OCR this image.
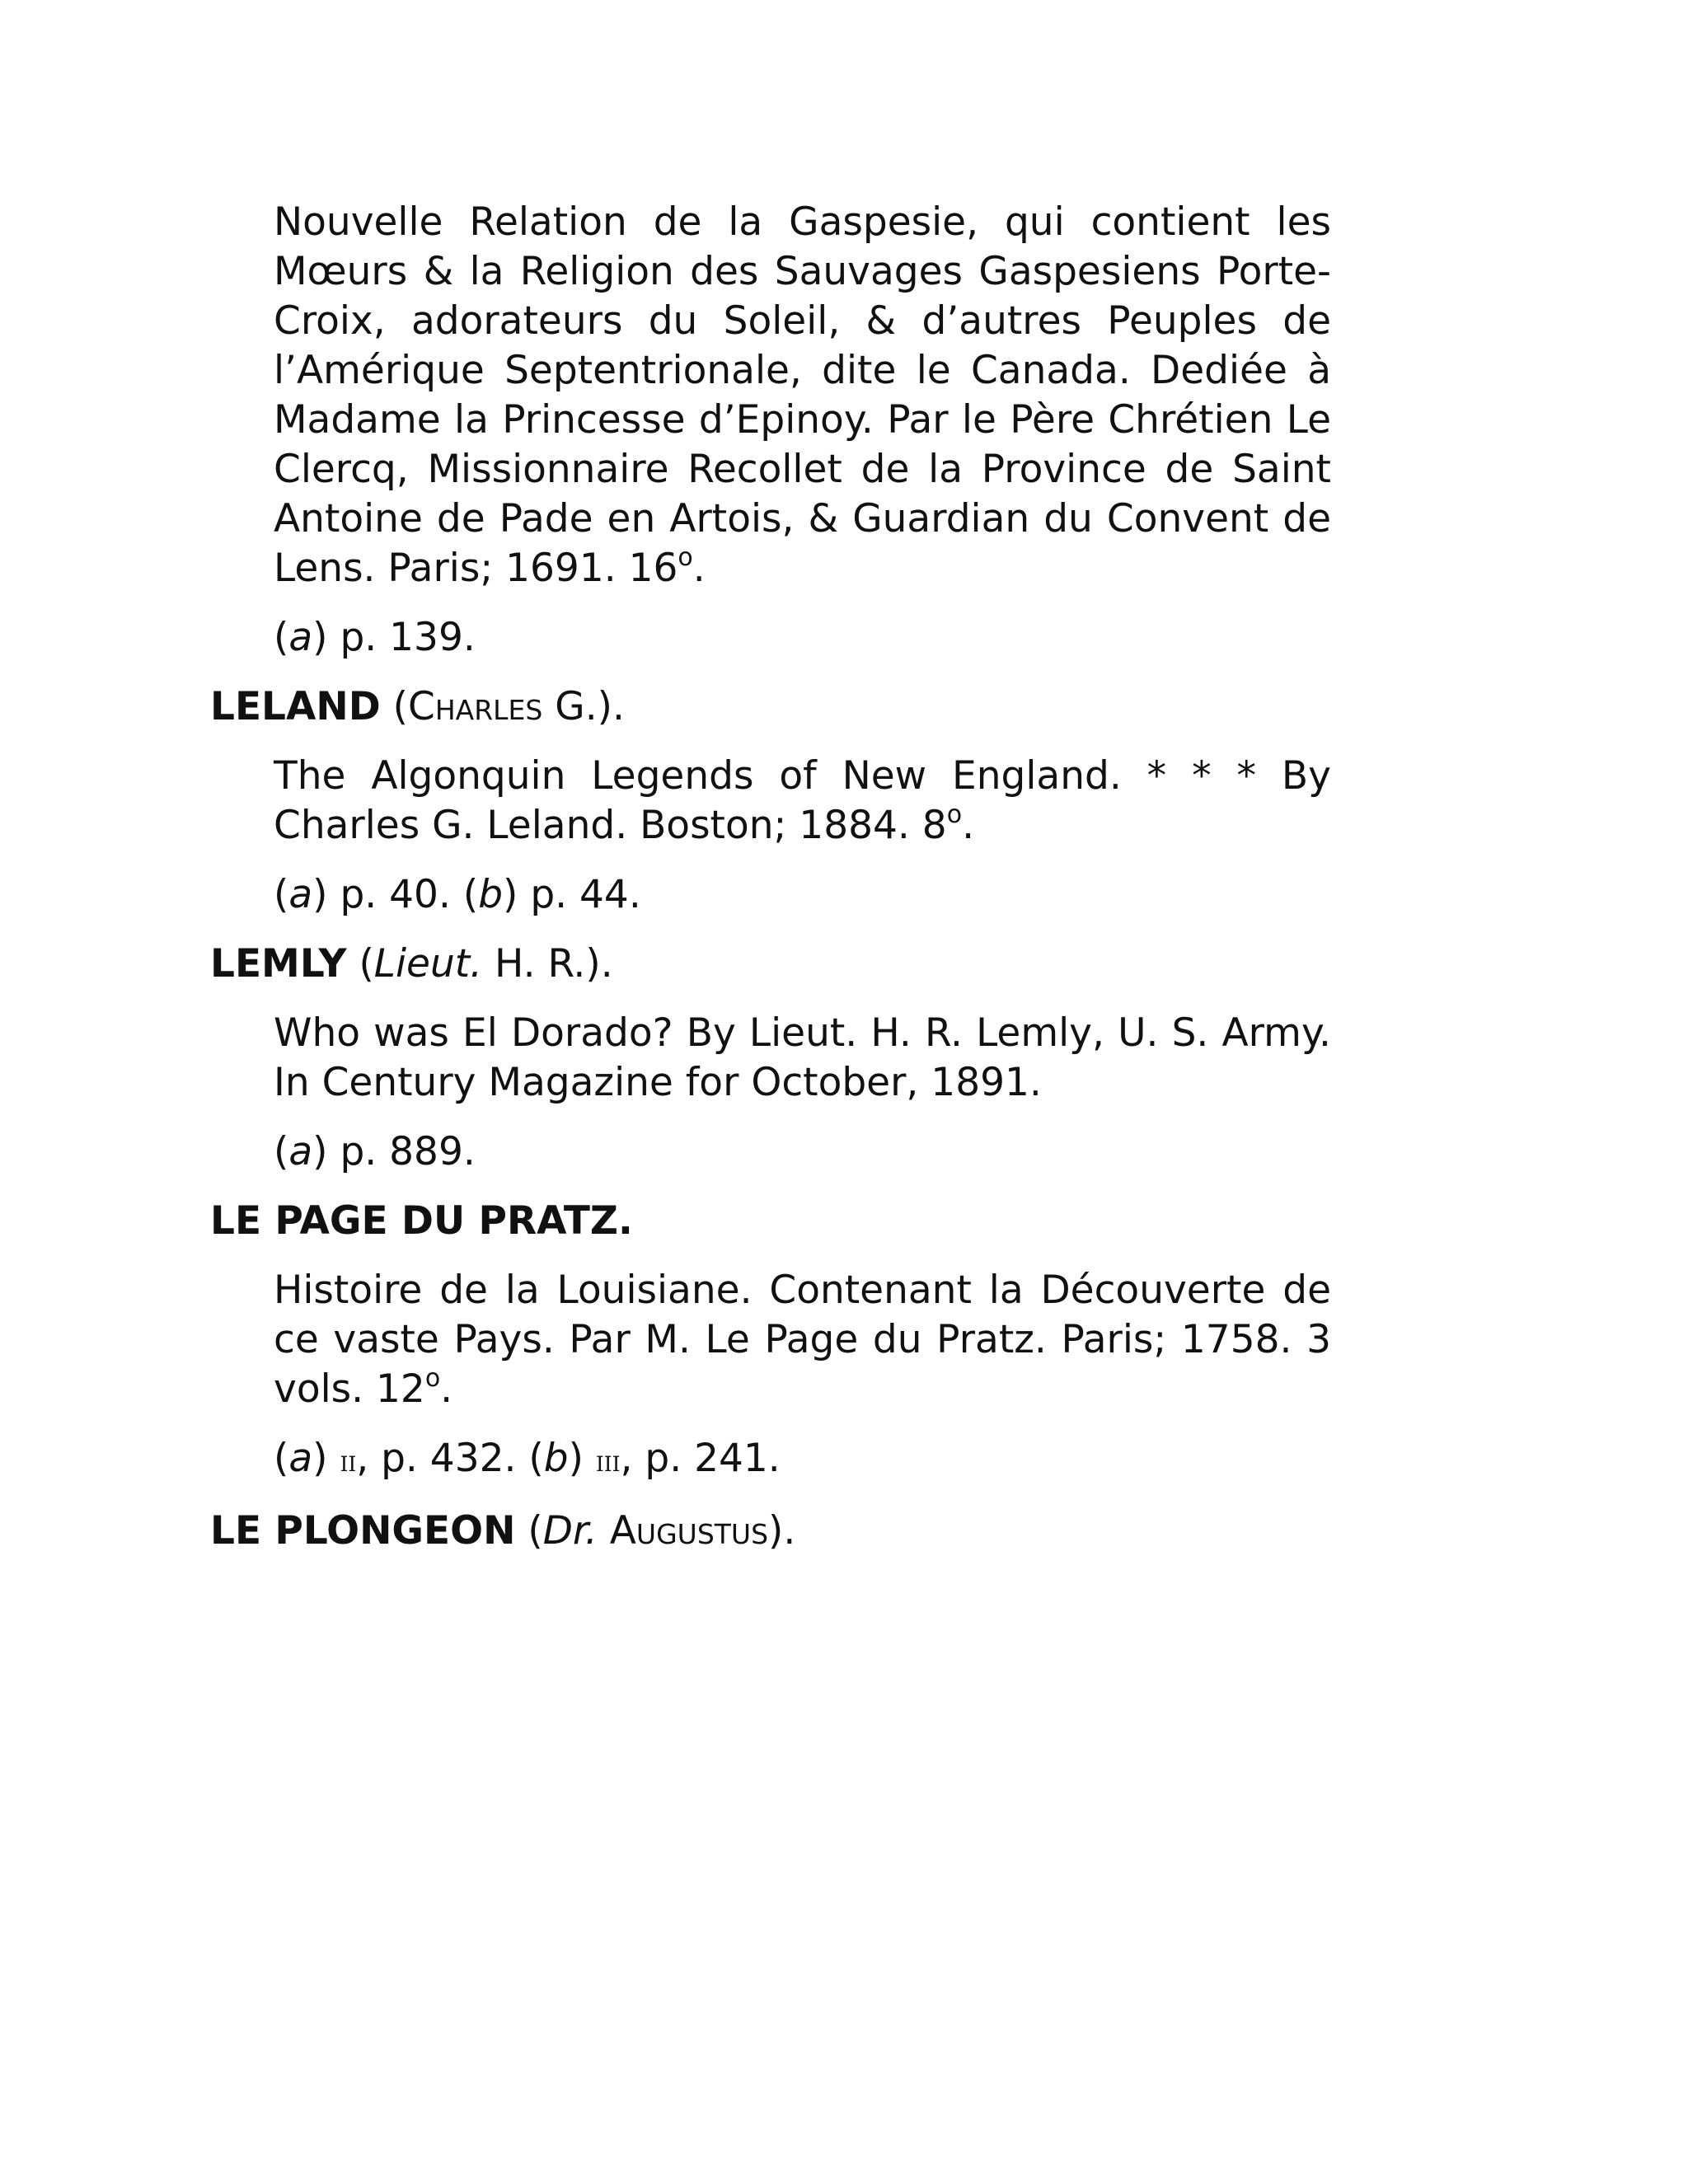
Nouvelle Relation de la Gaspesie, qui contient les Mœurs & la Religion des Sauvages Gaspesiens Porte-Croix, adorateurs du Soleil, & d’autres Peuples de l’Amérique Septentrionale, dite le Canada. Dediée à Madame la Princesse d’Epinoy. Par le Père Chrétien Le Clercq, Missionnaire Recollet de la Province de Saint Antoine de Pade en Artois, & Guardian du Convent de Lens. Paris; 1691. 16$^o$.

(a) p. 139.

LELAND (Charles G.).

The Algonquin Legends of New England. * * * By Charles G. Leland. Boston; 1884. 8$^o$.

(a) p. 40. (b) p. 44.

LEMLY (Lieut. H. R.).

Who was El Dorado? By Lieut. H. R. Lemly, U. S. Army. In Century Magazine for October, 1891.

(a) p. 889.

LE PAGE DU PRATZ.

Histoire de la Louisiane. Contenant la Découverte de ce vaste Pays. Par M. Le Page du Pratz. Paris; 1758. 3 vols. 12$^o$.

(a) ii, p. 432. (b) iii, p. 241.

LE PLONGEON (Dr. Augustus).
